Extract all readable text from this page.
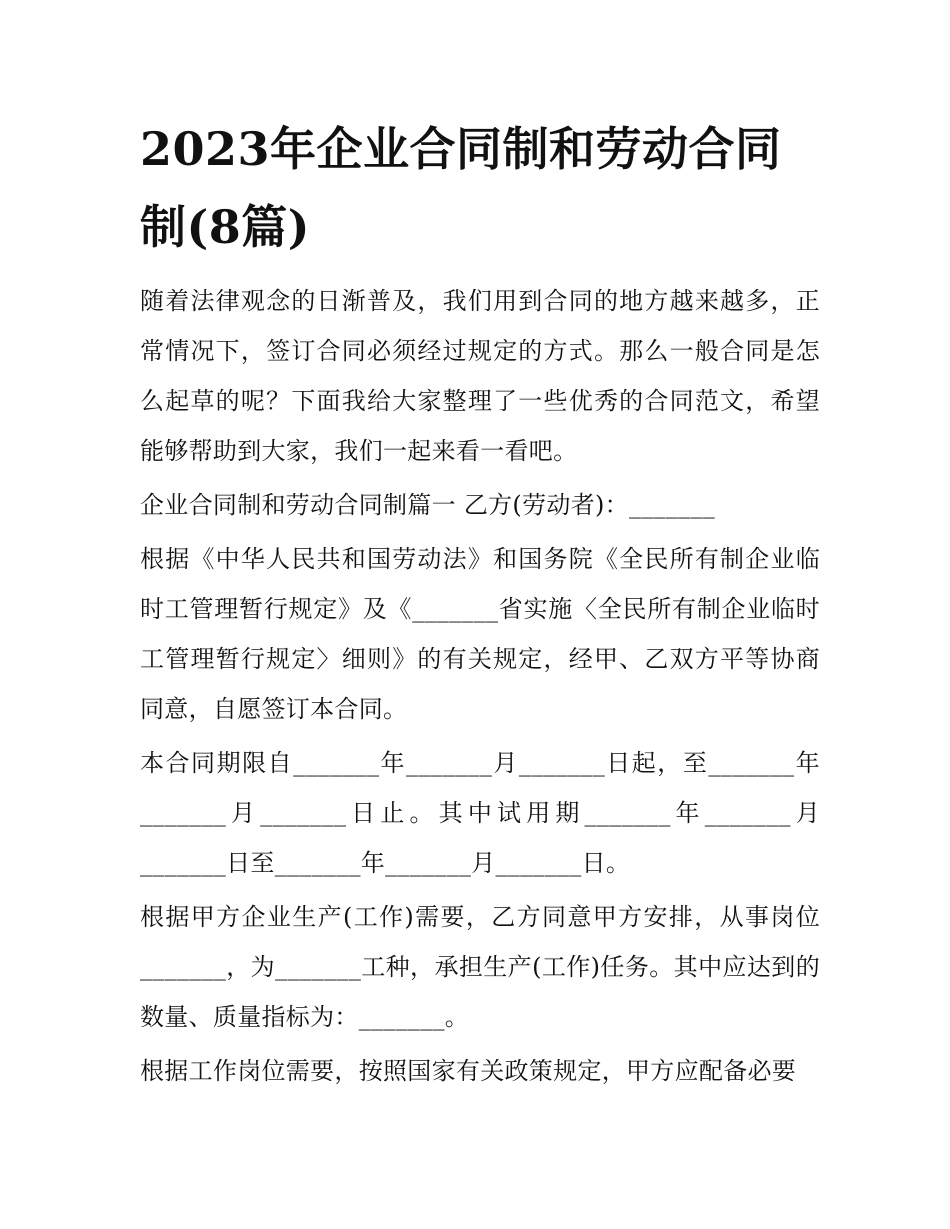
2023年企业合同制和劳动合同制(8篇)

随着法律观念的日渐普及，我们用到合同的地方越来越多，正常情况下，签订合同必须经过规定的方式。那么一般合同是怎么起草的呢？下面我给大家整理了一些优秀的合同范文，希望能够帮助到大家，我们一起来看一看吧。

企业合同制和劳动合同制篇一 乙方(劳动者)：_______

根据《中华人民共和国劳动法》和国务院《全民所有制企业临时工管理暂行规定》及《_______省实施〈全民所有制企业临时工管理暂行规定〉细则》的有关规定，经甲、乙双方平等协商同意，自愿签订本合同。

本合同期限自_______年_______月_______日起，至_______年_______月_______日止。其中试用期_______年_______月_______日至_______年_______月_______日。

根据甲方企业生产(工作)需要，乙方同意甲方安排，从事岗位_______，为_______工种，承担生产(工作)任务。其中应达到的数量、质量指标为：_______。

根据工作岗位需要，按照国家有关政策规定，甲方应配备必要
